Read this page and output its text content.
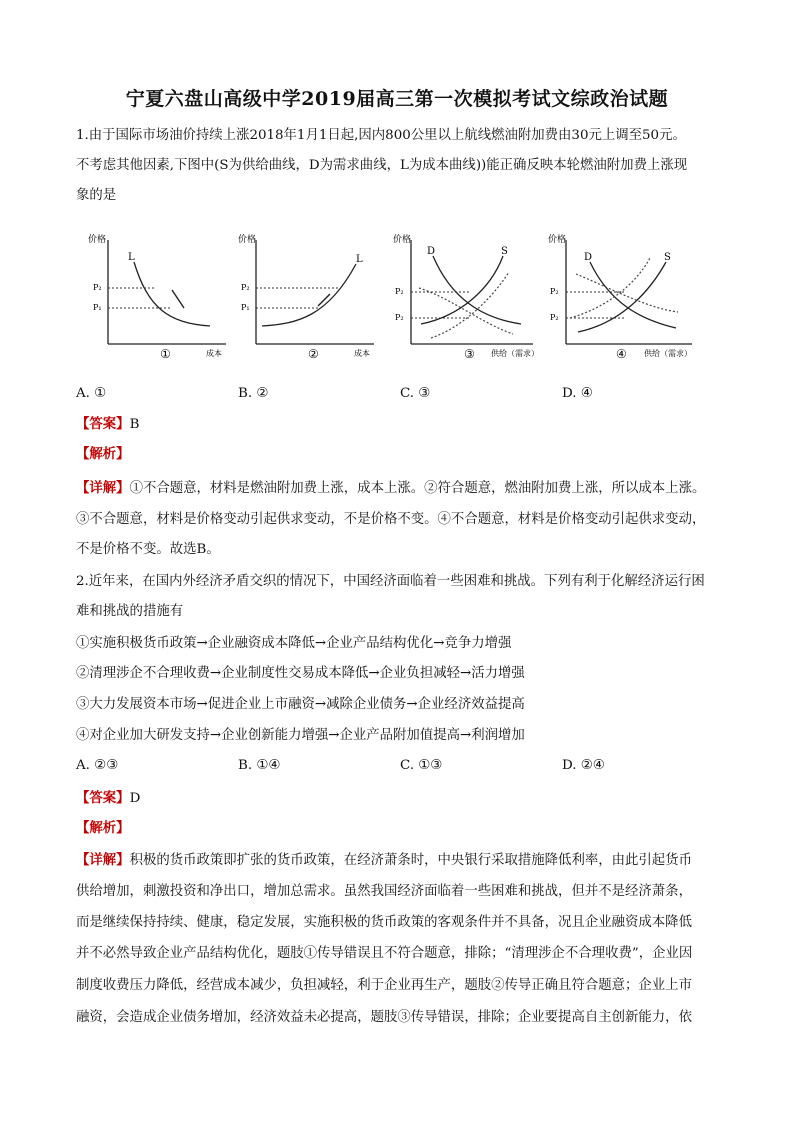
宁夏六盘山高级中学2019届高三第一次模拟考试文综政治试题
1.由于国际市场油价持续上涨2018年1月1日起,因内800公里以上航线燃油附加费由30元上调至50元。
不考虑其他因素,下图中(S为供给曲线，D为需求曲线，L为成本曲线))能正确反映本轮燃油附加费上涨现
象的是
价格
成本
L
P₂
P₁
①
价格
成本
L
P₂
P₁
②
价格
供给（需求）
D	S
P₂
P₂
③
价格
供给（需求）
D	S
P₂
P₂
④
A. ①	B. ②	C. ③	D. ④
【答案】B
【解析】
【详解】①不合题意，材料是燃油附加费上涨，成本上涨。②符合题意，燃油附加费上涨，所以成本上涨。
③不合题意，材料是价格变动引起供求变动，不是价格不变。④不合题意，材料是价格变动引起供求变动，
不是价格不变。故选B。
2.近年来，在国内外经济矛盾交织的情况下，中国经济面临着一些困难和挑战。下列有利于化解经济运行困
难和挑战的措施有
①实施积极货币政策→企业融资成本降低→企业产品结构优化→竞争力增强
②清理涉企不合理收费→企业制度性交易成本降低→企业负担减轻→活力增强
③大力发展资本市场→促进企业上市融资→减除企业债务→企业经济效益提高
④对企业加大研发支持→企业创新能力增强→企业产品附加值提高→利润增加
A. ②③	B. ①④	C. ①③	D. ②④
【答案】D
【解析】
【详解】积极的货币政策即扩张的货币政策，在经济萧条时，中央银行采取措施降低利率，由此引起货币
供给增加，刺激投资和净出口，增加总需求。虽然我国经济面临着一些困难和挑战，但并不是经济萧条，
而是继续保持持续、健康，稳定发展，实施积极的货币政策的客观条件并不具备，况且企业融资成本降低
并不必然导致企业产品结构优化，题肢①传导错误且不符合题意，排除；“清理涉企不合理收费”，企业因
制度收费压力降低，经营成本减少，负担减轻，利于企业再生产，题肢②传导正确且符合题意；企业上市
融资，会造成企业债务增加，经济效益未必提高，题肢③传导错误，排除；企业要提高自主创新能力，依
